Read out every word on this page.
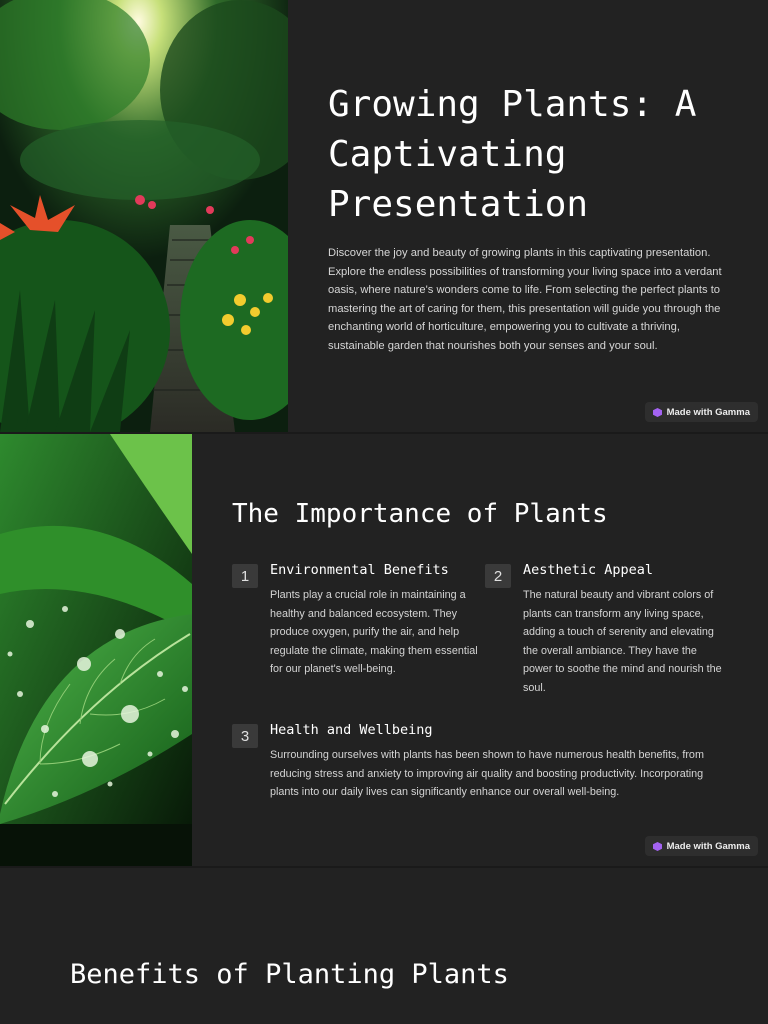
Growing Plants: A Captivating Presentation

Discover the joy and beauty of growing plants in this captivating presentation. Explore the endless possibilities of transforming your living space into a verdant oasis, where nature's wonders come to life. From selecting the perfect plants to mastering the art of caring for them, this presentation will guide you through the enchanting world of horticulture, empowering you to cultivate a thriving, sustainable garden that nourishes both your senses and your soul.

Made with Gamma
The Importance of Plants
1	Environmental Benefits

Plants play a crucial role in maintaining a healthy and balanced ecosystem. They produce oxygen, purify the air, and help regulate the climate, making them essential for our planet's well-being.

2	Aesthetic Appeal

The natural beauty and vibrant colors of plants can transform any living space, adding a touch of serenity and elevating the overall ambiance. They have the power to soothe the mind and nourish the soul.

3	Health and Wellbeing

Surrounding ourselves with plants has been shown to have numerous health benefits, from reducing stress and anxiety to improving air quality and boosting productivity. Incorporating plants into our daily lives can significantly enhance our overall well-being.

Made with Gamma
Benefits of Planting Plants
